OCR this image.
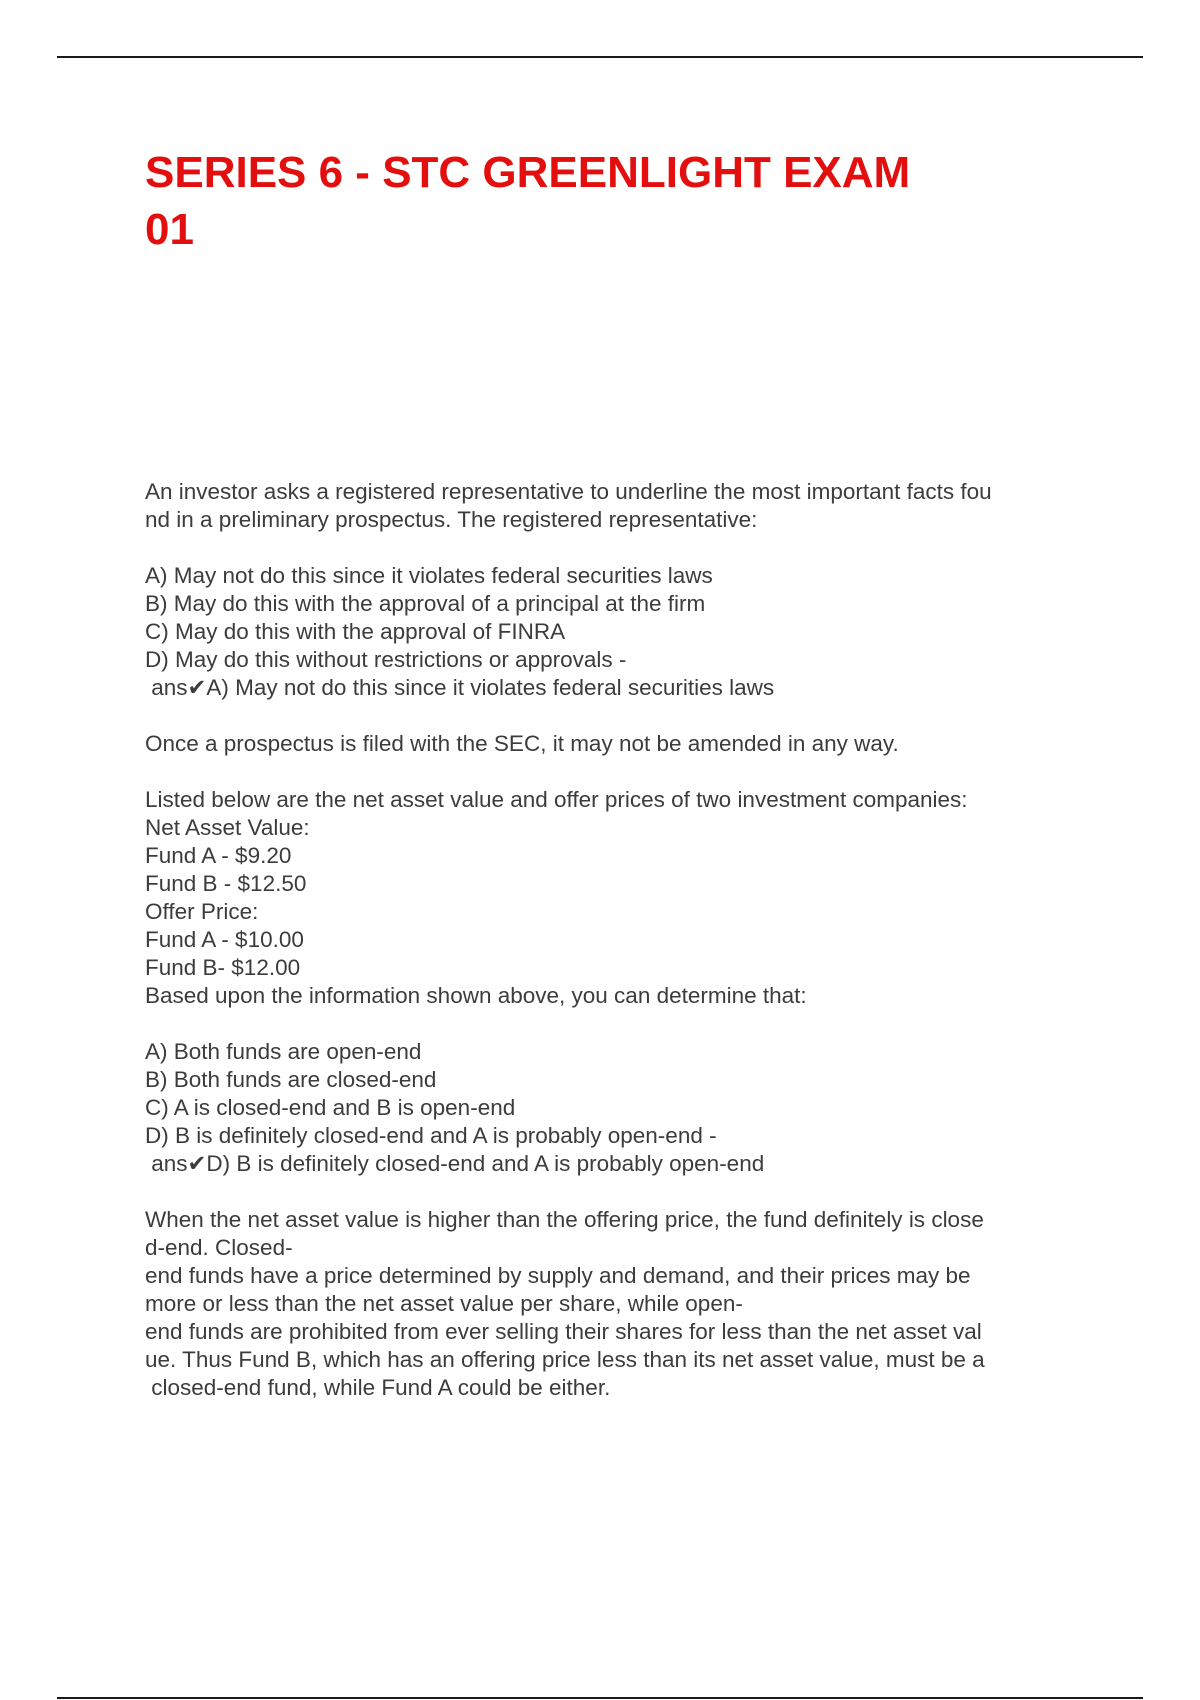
SERIES 6 - STC GREENLIGHT EXAM
01

An investor asks a registered representative to underline the most important facts fou
nd in a preliminary prospectus. The registered representative:

A) May not do this since it violates federal securities laws
B) May do this with the approval of a principal at the firm
C) May do this with the approval of FINRA
D) May do this without restrictions or approvals -
ans✔A) May not do this since it violates federal securities laws

Once a prospectus is filed with the SEC, it may not be amended in any way.

Listed below are the net asset value and offer prices of two investment companies:
Net Asset Value:
Fund A - $9.20
Fund B - $12.50
Offer Price:
Fund A - $10.00
Fund B- $12.00
Based upon the information shown above, you can determine that:

A) Both funds are open-end
B) Both funds are closed-end
C) A is closed-end and B is open-end
D) B is definitely closed-end and A is probably open-end -
ans✔D) B is definitely closed-end and A is probably open-end

When the net asset value is higher than the offering price, the fund definitely is close
d-end. Closed-
end funds have a price determined by supply and demand, and their prices may be
more or less than the net asset value per share, while open-
end funds are prohibited from ever selling their shares for less than the net asset val
ue. Thus Fund B, which has an offering price less than its net asset value, must be a
closed-end fund, while Fund A could be either.
